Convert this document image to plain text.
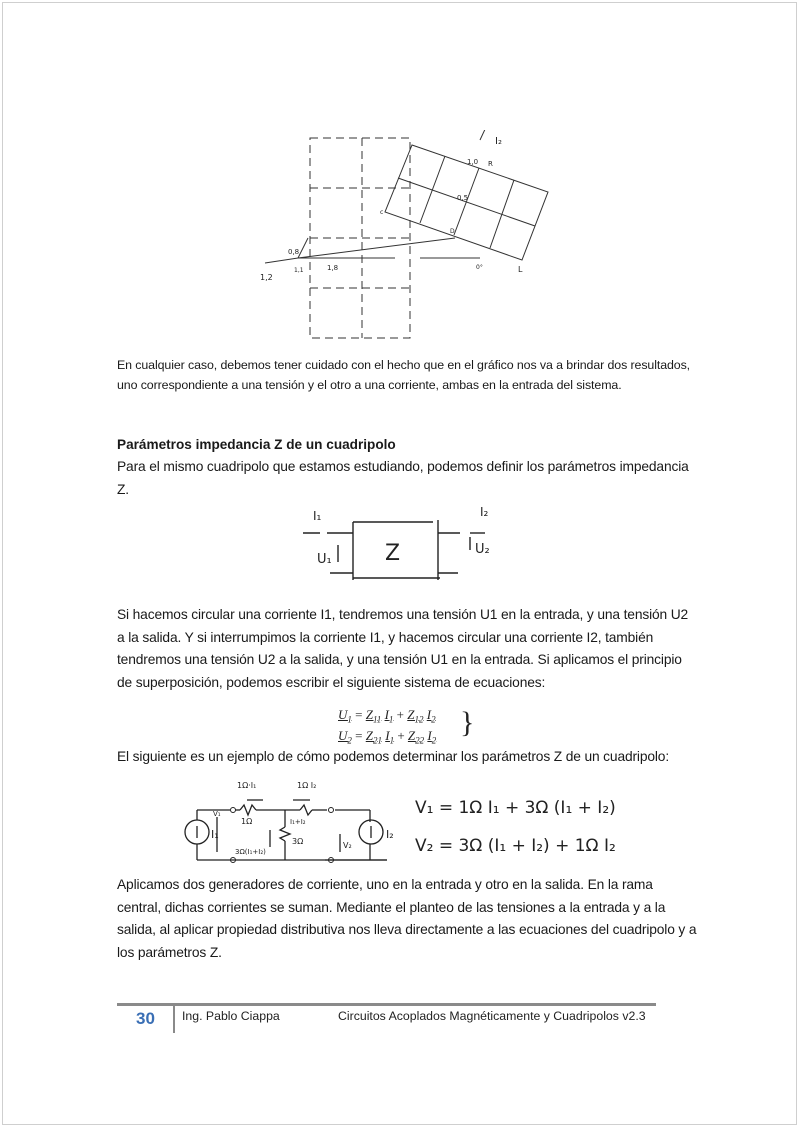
I₂
1,0 R
0,5
c
D
L
0°
0,8
1,2
1,1	1,8
En cualquier caso, debemos tener cuidado con el hecho que en el gráfico nos va a brindar dos resultados, uno correspondiente a una tensión y el otro a una corriente, ambas en la entrada del sistema.
Parámetros impedancia Z de un cuadripolo
Para el mismo cuadripolo que estamos estudiando, podemos definir los parámetros impedancia Z.
I₁	I₂
U₁
U₂
Z
Si hacemos circular una corriente I1, tendremos una tensión U1 en la entrada, y una tensión U2 a la salida. Y si interrumpimos la corriente I1, y hacemos circular una corriente I2, también tendremos una tensión U2 a la salida, y una tensión U1 en la entrada. Si aplicamos el principio de superposición, podemos escribir el siguiente sistema de ecuaciones:
$U_1 = Z_{11}$ $I_1 + Z_{12}$ $I_2$
$U_2 = Z_{21}$ $I_1 + Z_{22}$ $I_2$
}
El siguiente es un ejemplo de cómo podemos determinar los parámetros Z de un cuadripolo:
1Ω·I₁	1Ω I₂
1Ω	I₁+I₂
3Ω
3Ω(I₁+I₂)
V₁
V₂
I₁	I₂
V₁ = 1Ω I₁ + 3Ω (I₁ + I₂)
V₂ = 3Ω (I₁ + I₂) + 1Ω I₂
Aplicamos dos generadores de corriente, uno en la entrada y otro en la salida. En la rama central, dichas corrientes se suman. Mediante el planteo de las tensiones a la entrada y a la salida, al aplicar propiedad distributiva nos lleva directamente a las ecuaciones del cuadripolo y a los parámetros Z.
30 Ing. Pablo Ciappa	Circuitos Acoplados Magnéticamente y Cuadripolos v2.3
